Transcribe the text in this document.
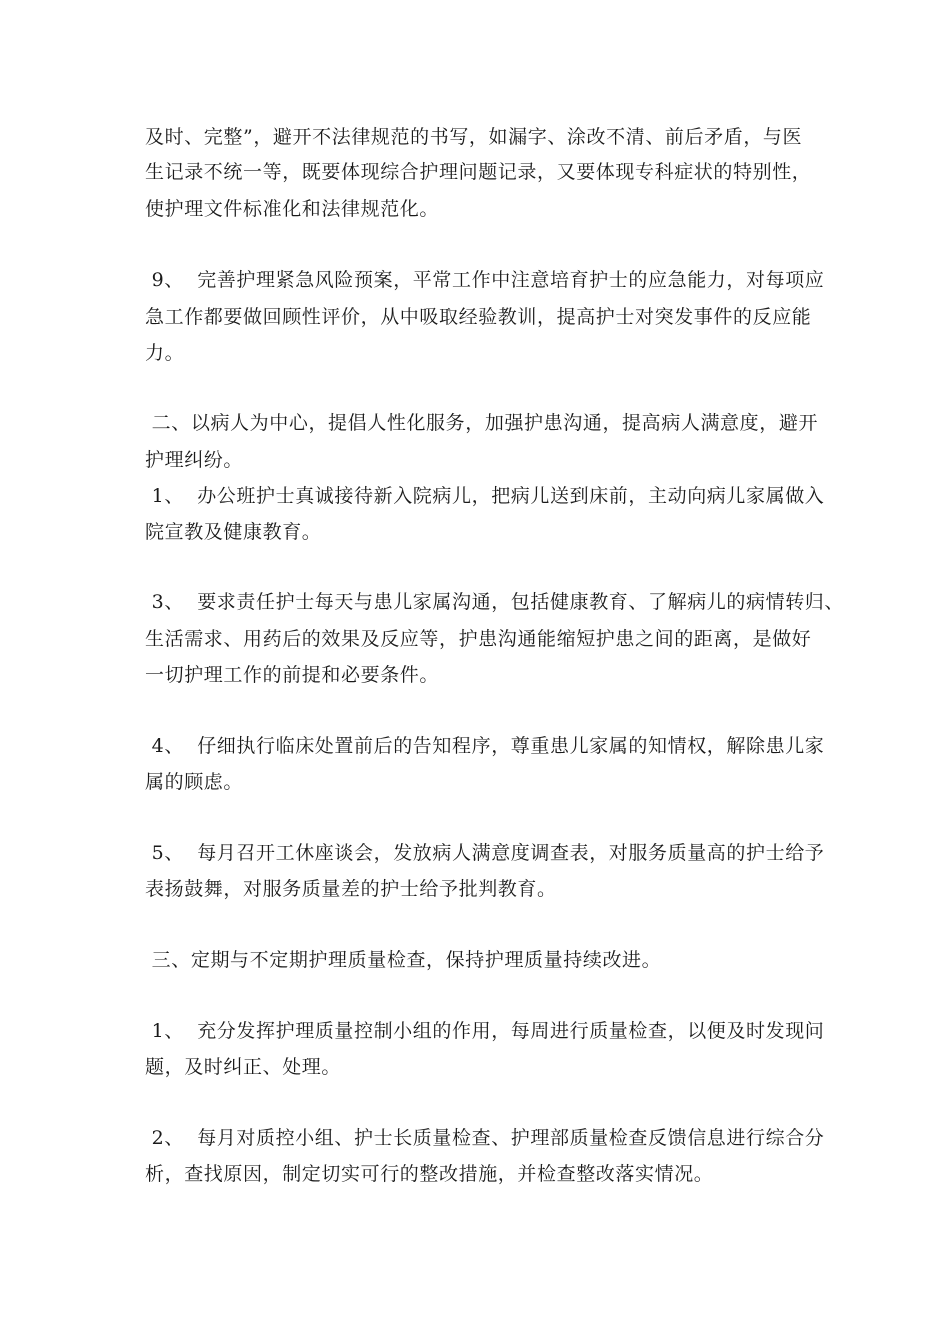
及时、完整”，避开不法律规范的书写，如漏字、涂改不清、前后矛盾，与医
生记录不统一等，既要体现综合护理问题记录，又要体现专科症状的特别性，
使护理文件标准化和法律规范化。
9、  完善护理紧急风险预案，平常工作中注意培育护士的应急能力，对每项应
急工作都要做回顾性评价，从中吸取经验教训，提高护士对突发事件的反应能
力。
二、以病人为中心，提倡人性化服务，加强护患沟通，提高病人满意度，避开
护理纠纷。
1、  办公班护士真诚接待新入院病儿，把病儿送到床前，主动向病儿家属做入
院宣教及健康教育。
3、  要求责任护士每天与患儿家属沟通，包括健康教育、了解病儿的病情转归、
生活需求、用药后的效果及反应等，护患沟通能缩短护患之间的距离，是做好
一切护理工作的前提和必要条件。
4、  仔细执行临床处置前后的告知程序，尊重患儿家属的知情权，解除患儿家
属的顾虑。
5、  每月召开工休座谈会，发放病人满意度调查表，对服务质量高的护士给予
表扬鼓舞，对服务质量差的护士给予批判教育。
三、定期与不定期护理质量检查，保持护理质量持续改进。
1、  充分发挥护理质量控制小组的作用，每周进行质量检查，以便及时发现问
题，及时纠正、处理。
2、  每月对质控小组、护士长质量检查、护理部质量检查反馈信息进行综合分
析，查找原因，制定切实可行的整改措施，并检查整改落实情况。
